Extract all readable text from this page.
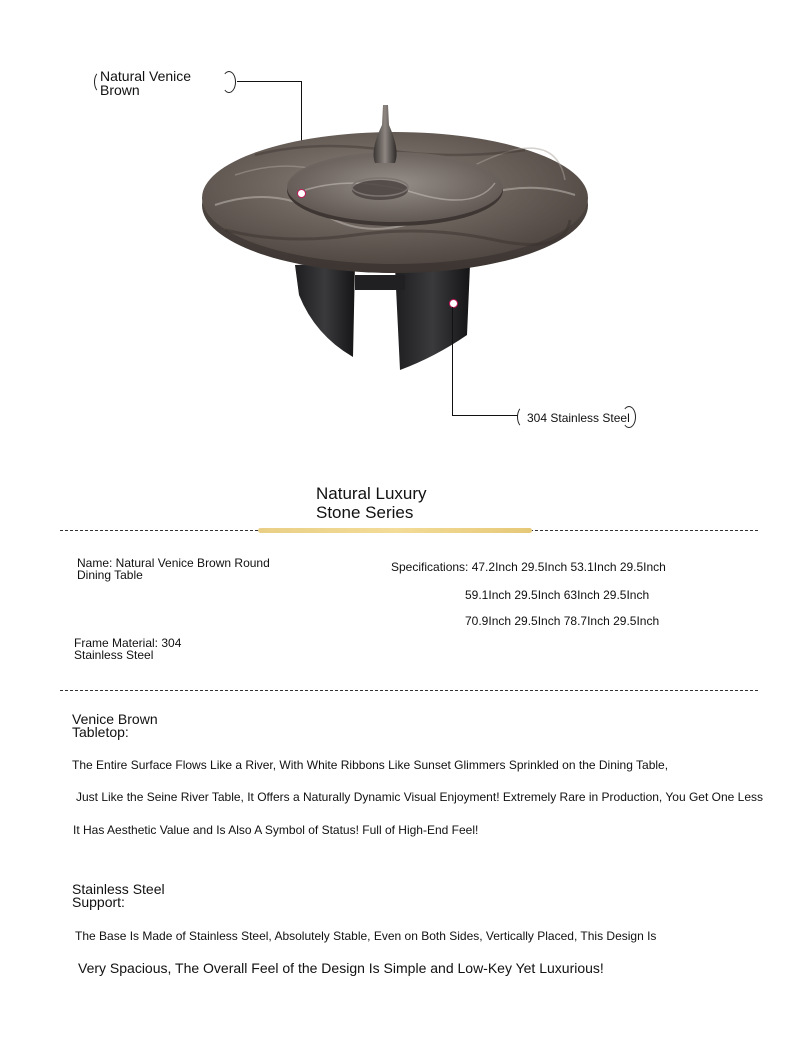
Natural Venice
Brown
304 Stainless Steel
Natural Luxury
Stone Series
Name: Natural Venice Brown Round
Dining Table
Specifications: 47.2Inch 29.5Inch 53.1Inch 29.5Inch
59.1Inch 29.5Inch 63Inch 29.5Inch
70.9Inch 29.5Inch 78.7Inch 29.5Inch
Frame Material: 304
Stainless Steel
Venice Brown
Tabletop:
The Entire Surface Flows Like a River, With White Ribbons Like Sunset Glimmers Sprinkled on the Dining Table,
Just Like the Seine River Table, It Offers a Naturally Dynamic Visual Enjoyment! Extremely Rare in Production, You Get One Less
It Has Aesthetic Value and Is Also A Symbol of Status! Full of High-End Feel!
Stainless Steel
Support:
The Base Is Made of Stainless Steel, Absolutely Stable, Even on Both Sides, Vertically Placed, This Design Is
Very Spacious, The Overall Feel of the Design Is Simple and Low-Key Yet Luxurious!
